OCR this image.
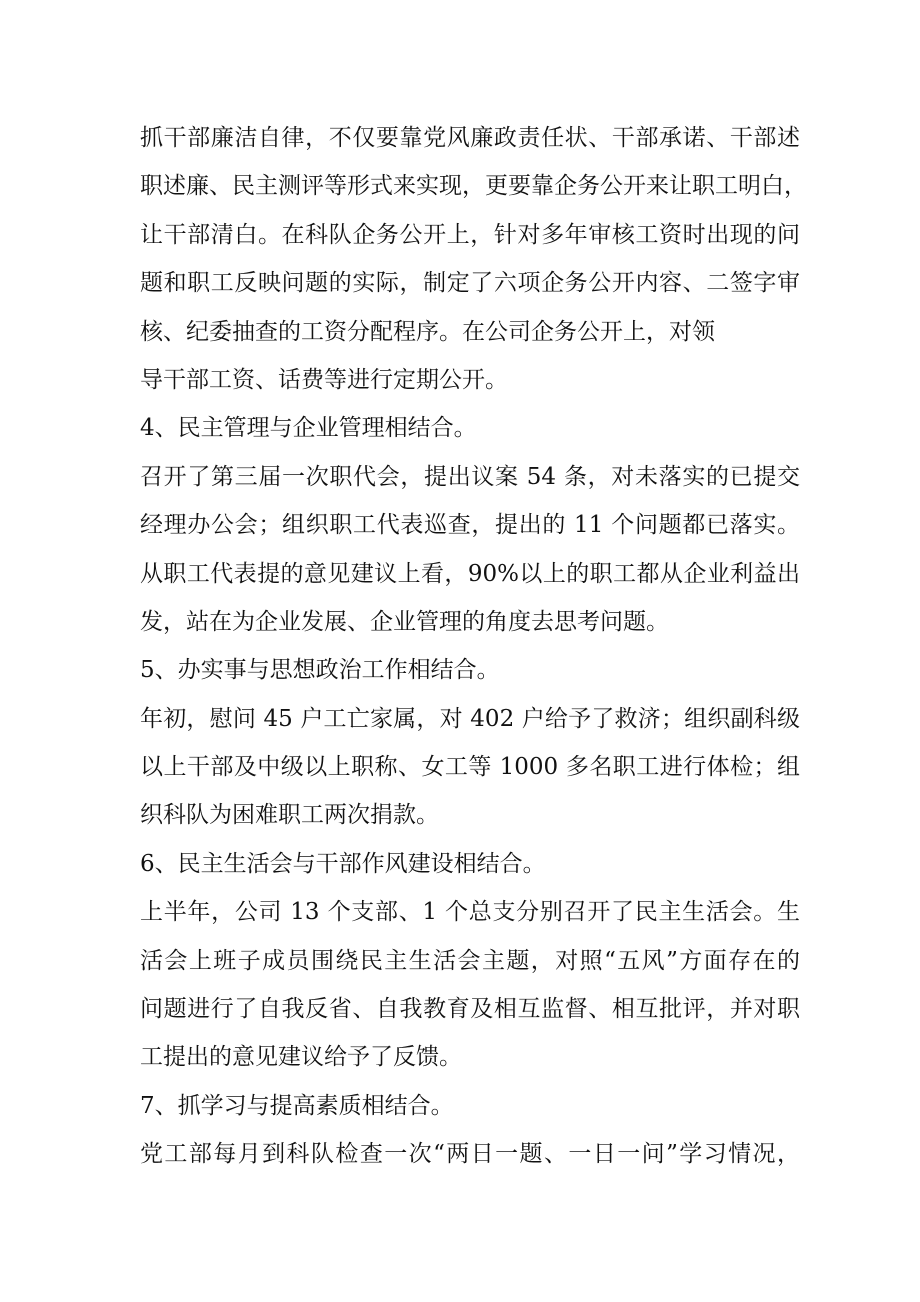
抓干部廉洁自律，不仅要靠党风廉政责任状、干部承诺、干部述
职述廉、民主测评等形式来实现，更要靠企务公开来让职工明白，
让干部清白。在科队企务公开上，针对多年审核工资时出现的问
题和职工反映问题的实际，制定了六项企务公开内容、二签字审
核、纪委抽查的工资分配程序。在公司企务公开上，对领
导干部工资、话费等进行定期公开。
4、民主管理与企业管理相结合。
召开了第三届一次职代会，提出议案 54 条，对未落实的已提交
经理办公会；组织职工代表巡查，提出的 11 个问题都已落实。
从职工代表提的意见建议上看，90%以上的职工都从企业利益出
发，站在为企业发展、企业管理的角度去思考问题。
5、办实事与思想政治工作相结合。
年初，慰问 45 户工亡家属，对 402 户给予了救济；组织副科级
以上干部及中级以上职称、女工等 1000 多名职工进行体检；组
织科队为困难职工两次捐款。
6、民主生活会与干部作风建设相结合。
上半年，公司 13 个支部、1 个总支分别召开了民主生活会。生
活会上班子成员围绕民主生活会主题，对照“五风”方面存在的
问题进行了自我反省、自我教育及相互监督、相互批评，并对职
工提出的意见建议给予了反馈。
7、抓学习与提高素质相结合。
党工部每月到科队检查一次“两日一题、一日一问”学习情况，
